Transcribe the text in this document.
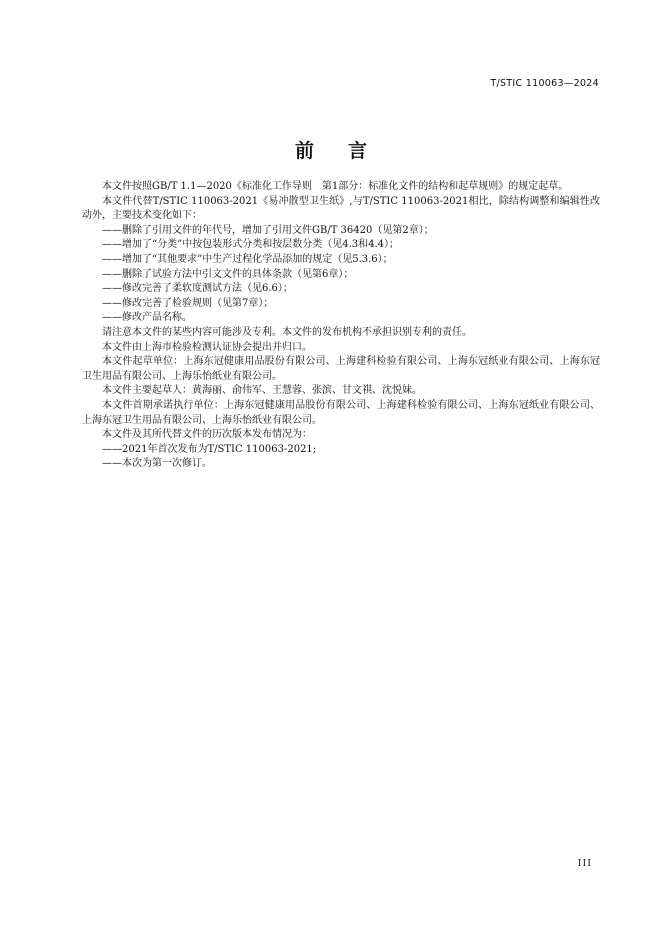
T/STIC 110063—2024
前 言

本文件按照GB/T 1.1—2020《标准化工作导则　第1部分：标准化文件的结构和起草规则》的规定起草。

本文件代替T/STIC 110063-2021《易冲散型卫生纸》,与T/STIC 110063-2021相比，除结构调整和编辑性改动外，主要技术变化如下：

——删除了引用文件的年代号，增加了引用文件GB/T 36420（见第2章）；

——增加了“分类”中按包装形式分类和按层数分类（见4.3和4.4）；

——增加了“其他要求”中生产过程化学品添加的规定（见5.3.6）；

——删除了试验方法中引文文件的具体条款（见第6章）；

——修改完善了柔软度测试方法（见6.6）；

——修改完善了检验规则（见第7章）；

——修改产品名称。

请注意本文件的某些内容可能涉及专利。本文件的发布机构不承担识别专利的责任。

本文件由上海市检验检测认证协会提出并归口。

本文件起草单位：上海东冠健康用品股份有限公司、上海建科检验有限公司、上海东冠纸业有限公司、上海东冠卫生用品有限公司、上海乐怡纸业有限公司。

本文件主要起草人：黄海丽、俞伟军、王慧蓉、张滨、甘文祺、沈悦妹。

本文件首期承诺执行单位：上海东冠健康用品股份有限公司、上海建科检验有限公司、上海东冠纸业有限公司、上海东冠卫生用品有限公司、上海乐怡纸业有限公司。

本文件及其所代替文件的历次版本发布情况为：

——2021年首次发布为T/STIC 110063-2021;

——本次为第一次修订。

III
